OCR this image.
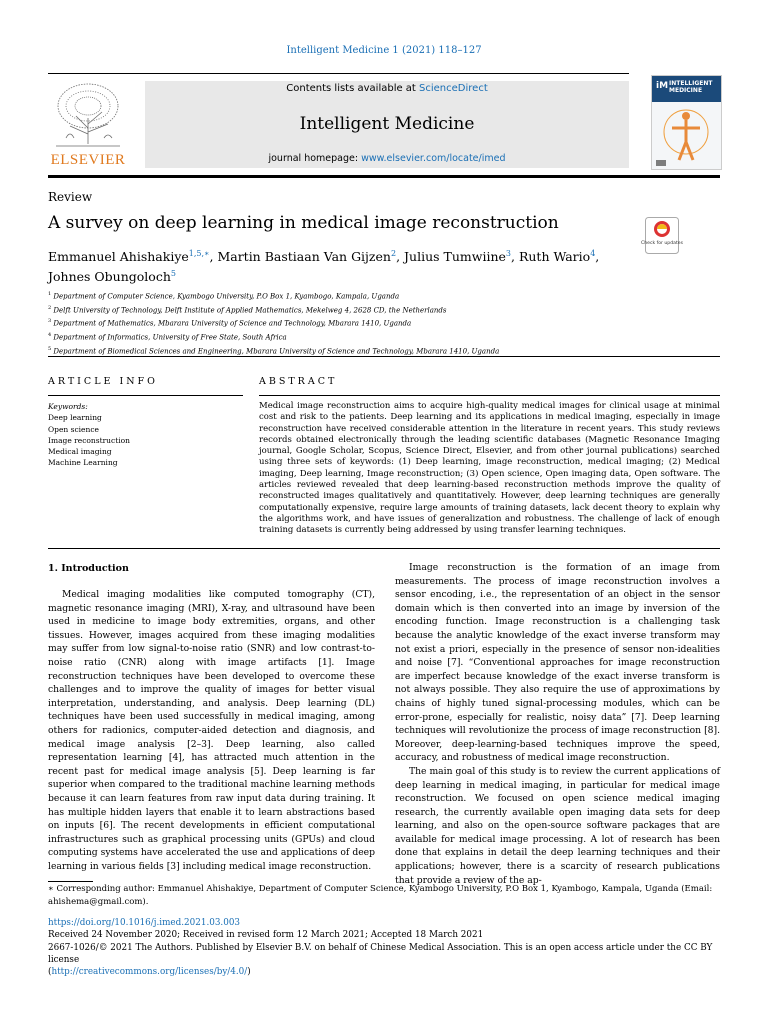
Intelligent Medicine 1 (2021) 118–127
ELSEVIER
Contents lists available at ScienceDirect
Intelligent Medicine
journal homepage: www.elsevier.com/locate/imed
iM INTELLIGENT
MEDICINE
Review
A survey on deep learning in medical image reconstruction
Check for updates
Emmanuel Ahishakiye$^{1,5,∗}$, Martin Bastiaan Van Gijzen$^2$, Julius Tumwiine$^3$, Ruth Wario$^4$,
Johnes Obungoloch$^5$
$^1$ Department of Computer Science, Kyambogo University, P.O Box 1, Kyambogo, Kampala, Uganda
$^2$ Delft University of Technology, Delft Institute of Applied Mathematics, Mekelweg 4, 2628 CD, the Netherlands
$^3$ Department of Mathematics, Mbarara University of Science and Technology, Mbarara 1410, Uganda
$^4$ Department of Informatics, University of Free State, South Africa
$^5$ Department of Biomedical Sciences and Engineering, Mbarara University of Science and Technology, Mbarara 1410, Uganda
ARTICLE INFO	ABSTRACT
Keywords:
Deep learning
Open science
Image reconstruction
Medical imaging
Machine Learning
Medical image reconstruction aims to acquire high-quality medical images for clinical usage at minimal cost and risk to the patients. Deep learning and its applications in medical imaging, especially in image reconstruction have received considerable attention in the literature in recent years. This study reviews records obtained electronically through the leading scientific databases (Magnetic Resonance Imaging journal, Google Scholar, Scopus, Science Direct, Elsevier, and from other journal publications) searched using three sets of keywords: (1) Deep learning, image reconstruction, medical imaging; (2) Medical imaging, Deep learning, Image reconstruction; (3) Open science, Open imaging data, Open software. The articles reviewed revealed that deep learning-based reconstruction methods improve the quality of reconstructed images qualitatively and quantitatively. However, deep learning techniques are generally computationally expensive, require large amounts of training datasets, lack decent theory to explain why the algorithms work, and have issues of generalization and robustness. The challenge of lack of enough training datasets is currently being addressed by using transfer learning techniques.
1. Introduction

Medical imaging modalities like computed tomography (CT), magnetic resonance imaging (MRI), X-ray, and ultrasound have been used in medicine to image body extremities, organs, and other tissues. However, images acquired from these imaging modalities may suffer from low signal-to-noise ratio (SNR) and low contrast-to-noise ratio (CNR) along with image artifacts [1]. Image reconstruction techniques have been developed to overcome these challenges and to improve the quality of images for better visual interpretation, understanding, and analysis. Deep learning (DL) techniques have been used successfully in medical imaging, among others for radionics, computer-aided detection and diagnosis, and medical image analysis [2–3]. Deep learning, also called representation learning [4], has attracted much attention in the recent past for medical image analysis [5]. Deep learning is far superior when compared to the traditional machine learning methods because it can learn features from raw input data during training. It has multiple hidden layers that enable it to learn abstractions based on inputs [6]. The recent developments in efficient computational infrastructures such as graphical processing units (GPUs) and cloud computing systems have accelerated the use and applications of deep learning in various fields [3] including medical image reconstruction.

Image reconstruction is the formation of an image from measurements. The process of image reconstruction involves a sensor encoding, i.e., the representation of an object in the sensor domain which is then converted into an image by inversion of the encoding function. Image reconstruction is a challenging task because the analytic knowledge of the exact inverse transform may not exist a priori, especially in the presence of sensor non-idealities and noise [7]. “Conventional approaches for image reconstruction are imperfect because knowledge of the exact inverse transform is not always possible. They also require the use of approximations by chains of highly tuned signal-processing modules, which can be error-prone, especially for realistic, noisy data” [7]. Deep learning techniques will revolutionize the process of image reconstruction [8]. Moreover, deep-learning-based techniques improve the speed, accuracy, and robustness of medical image reconstruction.

The main goal of this study is to review the current applications of deep learning in medical imaging, in particular for medical image reconstruction. We focused on open science medical imaging research, the currently available open imaging data sets for deep learning, and also on the open-source software packages that are available for medical image processing. A lot of research has been done that explains in detail the deep learning techniques and their applications; however, there is a scarcity of research publications that provide a review of the ap-

∗ Corresponding author: Emmanuel Ahishakiye, Department of Computer Science, Kyambogo University, P.O Box 1, Kyambogo, Kampala, Uganda (Email: ahishema@gmail.com).
https://doi.org/10.1016/j.imed.2021.03.003
Received 24 November 2020; Received in revised form 12 March 2021; Accepted 18 March 2021
2667-1026/© 2021 The Authors. Published by Elsevier B.V. on behalf of Chinese Medical Association. This is an open access article under the CC BY license
(http://creativecommons.org/licenses/by/4.0/)
